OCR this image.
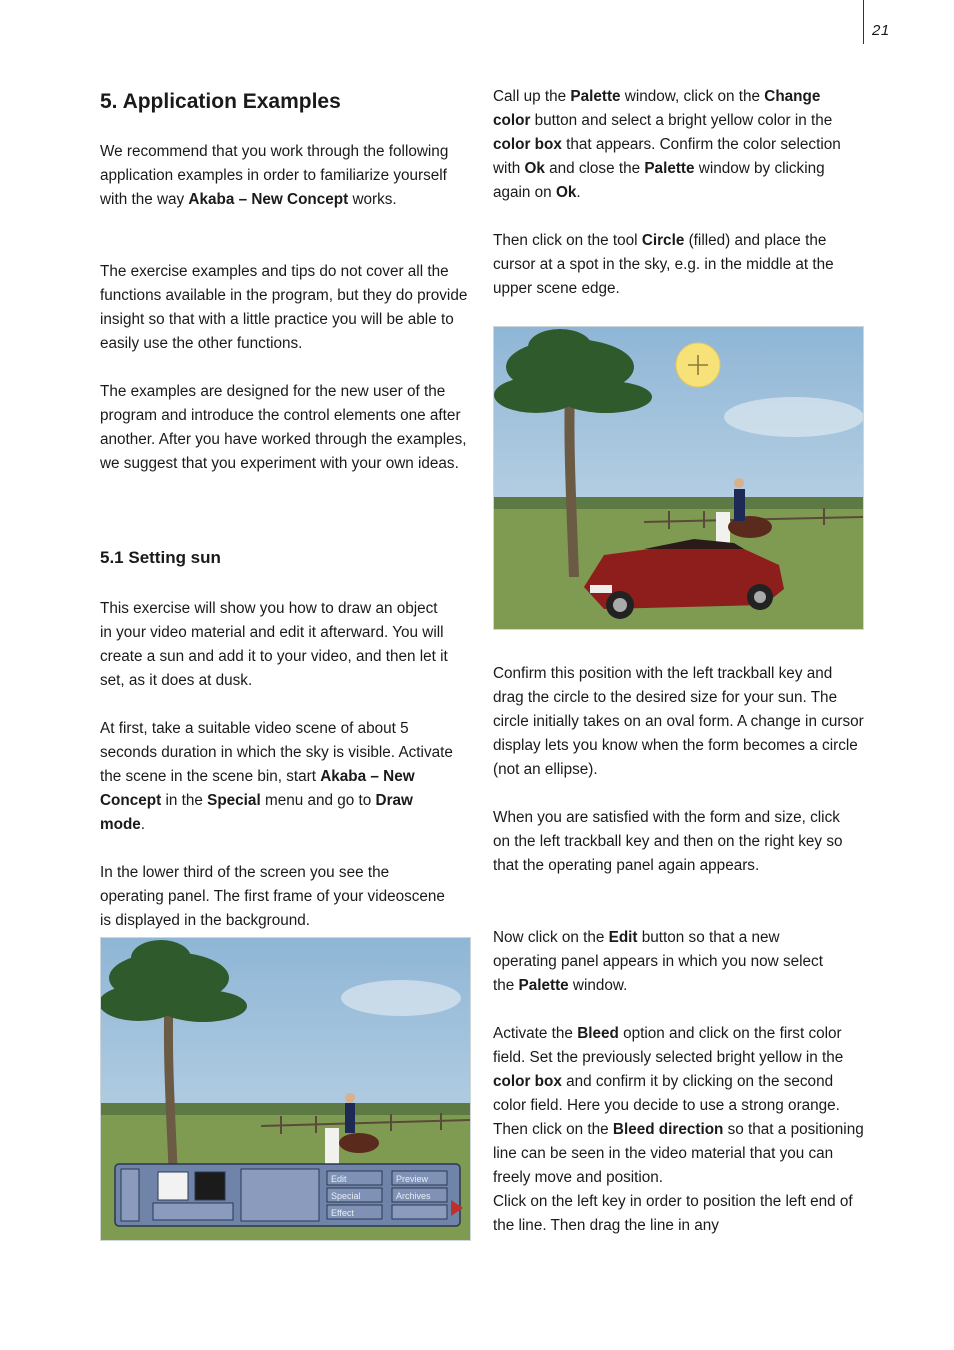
21
5. Application Examples

We recommend that you work through the following application examples in order to familiarize yourself with the way Akaba – New Concept works.

The exercise examples and tips do not cover all the functions available in the program, but they do provide insight so that with a little practice you will be able to easily use the other functions.

The examples are designed for the new user of the program and introduce the control elements one after another. After you have worked through the examples, we suggest that you experiment with your own ideas.

5.1 Setting sun

This exercise will show you how to draw an object in your video material and edit it afterward. You will create a sun and add it to your video, and then let it set, as it does at dusk.

At first, take a suitable video scene of about 5 seconds duration in which the sky is visible. Activate the scene in the scene bin, start Akaba – New Concept in the Special menu and go to Draw mode.

In the lower third of the screen you see the operating panel. The first frame of your videoscene is displayed in the background.

Edit
Special
Effect
Preview
Archives

Call up the Palette window, click on the Change color button and select a bright yellow color in the color box that appears. Confirm the color selection with Ok and close the Palette window by clicking again on Ok.

Then click on the tool Circle (filled) and place the cursor at a spot in the sky, e.g. in the middle at the upper scene edge.

Confirm this position with the left trackball key and drag the circle to the desired size for your sun. The circle initially takes on an oval form. A change in cursor display lets you know when the form becomes a circle (not an ellipse).

When you are satisfied with the form and size, click on the left trackball key and then on the right key so that the operating panel again appears.

Now click on the Edit button so that a new operating panel appears in which you now select the Palette window.

Activate the Bleed option and click on the first color field. Set the previously selected bright yellow in the color box and confirm it by clicking on the second color field. Here you decide to use a strong orange. Then click on the Bleed direction so that a positioning line can be seen in the video material that you can freely move and position.
Click on the left key in order to position the left end of the line. Then drag the line in any
